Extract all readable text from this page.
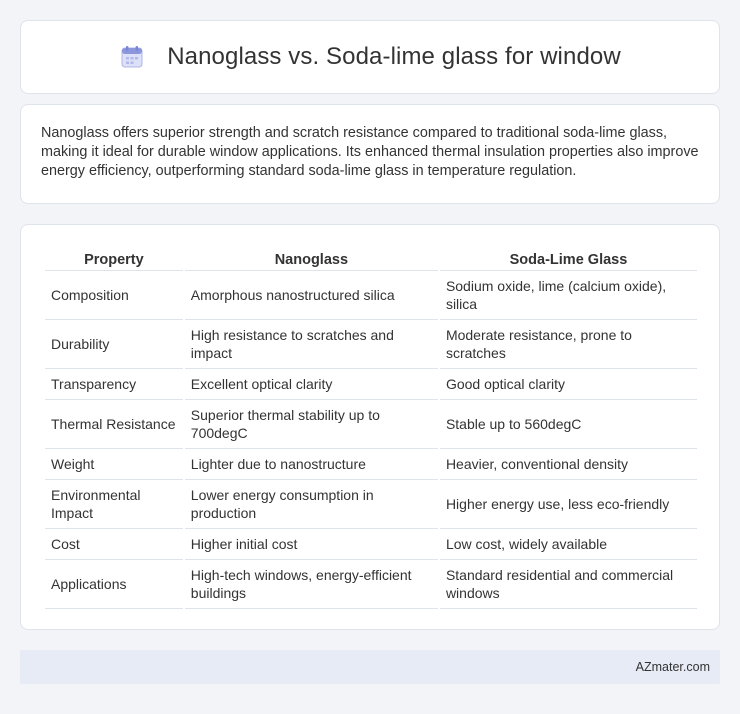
Nanoglass vs. Soda-lime glass for window

Nanoglass offers superior strength and scratch resistance compared to traditional soda-lime glass, making it ideal for durable window applications. Its enhanced thermal insulation properties also improve energy efficiency, outperforming standard soda-lime glass in temperature regulation.

Property	Nanoglass	Soda-Lime Glass
Composition	Amorphous nanostructured silica	Sodium oxide, lime (calcium oxide), silica
Durability	High resistance to scratches and impact	Moderate resistance, prone to scratches
Transparency	Excellent optical clarity	Good optical clarity
Thermal Resistance	Superior thermal stability up to 700degC	Stable up to 560degC
Weight	Lighter due to nanostructure	Heavier, conventional density
Environmental Impact	Lower energy consumption in production	Higher energy use, less eco-friendly
Cost	Higher initial cost	Low cost, widely available
Applications	High-tech windows, energy-efficient buildings	Standard residential and commercial windows
AZmater.com
